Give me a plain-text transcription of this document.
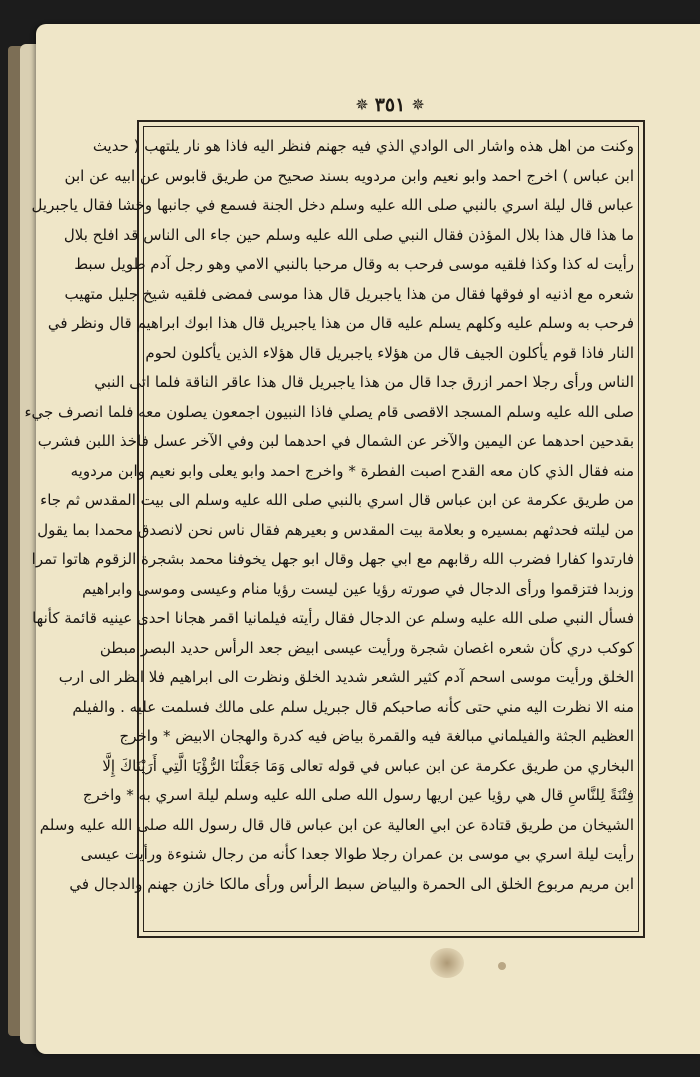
✵ ٣٥١ ✵
وكنت من اهل هذه واشار الى الوادي الذي فيه جهنم فنظر اليه فاذا هو نار يلتهب ( حديث
ابن عباس ) اخرج احمد وابو نعيم وابن مردويه بسند صحيح من طريق قابوس عن ابيه عن ابن
عباس قال ليلة اسري بالنبي صلى الله عليه وسلم دخل الجنة فسمع في جانبها وخشا فقال ياجبريل
ما هذا قال هذا بلال المؤذن فقال النبي صلى الله عليه وسلم حين جاء الى الناس قد افلح بلال
رأيت له كذا وكذا فلقيه موسى فرحب به وقال مرحبا بالنبي الامي وهو رجل آدم طويل سبط
شعره مع اذنيه او فوقها فقال من هذا ياجبريل قال هذا موسى فمضى فلقيه شيخ جليل متهيب
فرحب به وسلم عليه وكلهم يسلم عليه قال من هذا ياجبريل قال هذا ابوك ابراهيم قال ونظر في
النار فاذا قوم يأكلون الجيف قال من هؤلاء ياجبريل قال هؤلاء الذين يأكلون لحوم
الناس ورأى رجلا احمر ازرق جدا قال من هذا ياجبريل قال هذا عاقر الناقة فلما اتى النبي
صلى الله عليه وسلم المسجد الاقصى قام يصلي فاذا النبيون اجمعون يصلون معه فلما انصرف جيء
بقدحين احدهما عن اليمين والآخر عن الشمال في احدهما لبن وفي الآخر عسل فاخذ اللبن فشرب
منه فقال الذي كان معه القدح اصبت الفطرة * واخرج احمد وابو يعلى وابو نعيم وابن مردويه
من طريق عكرمة عن ابن عباس قال اسري بالنبي صلى الله عليه وسلم الى بيت المقدس ثم جاء
من ليلته فحدثهم بمسيره و بعلامة بيت المقدس و بعيرهم فقال ناس نحن لانصدق محمدا بما يقول
فارتدوا كفارا فضرب الله رقابهم مع ابي جهل وقال ابو جهل يخوفنا محمد بشجرة الزقوم هاتوا تمرا
وزبدا فتزقموا ورأى الدجال في صورته رؤيا عين ليست رؤيا منام وعيسى وموسى وابراهيم
فسأل النبي صلى الله عليه وسلم عن الدجال فقال رأيته فيلمانيا اقمر هجانا احدى عينيه قائمة كأنها
كوكب دري كأن شعره اغصان شجرة ورأيت عيسى ابيض جعد الرأس حديد البصر مبطن
الخلق ورأيت موسى اسحم آدم كثير الشعر شديد الخلق ونظرت الى ابراهيم فلا انظر الى ارب
منه الا نظرت اليه مني حتى كأنه صاحبكم قال جبريل سلم على مالك فسلمت عليه . والفيلم
العظيم الجثة والفيلماني مبالغة فيه والقمرة بياض فيه كدرة والهجان الابيض * واخرج
البخاري من طريق عكرمة عن ابن عباس في قوله تعالى وَمَا جَعَلْنَا الرُّؤْيَا الَّتِي أَرَيْنَاكَ إِلَّا
فِتْنَةً لِلنَّاسِ قال هي رؤيا عين اريها رسول الله صلى الله عليه وسلم ليلة اسري به * واخرج
الشيخان من طريق قتادة عن ابي العالية عن ابن عباس قال قال رسول الله صلى الله عليه وسلم
رأيت ليلة اسري بي موسى بن عمران رجلا طوالا جعدا كأنه من رجال شنوءة ورأيت عيسى
ابن مريم مربوع الخلق الى الحمرة والبياض سبط الرأس ورأى مالكا خازن جهنم والدجال في
